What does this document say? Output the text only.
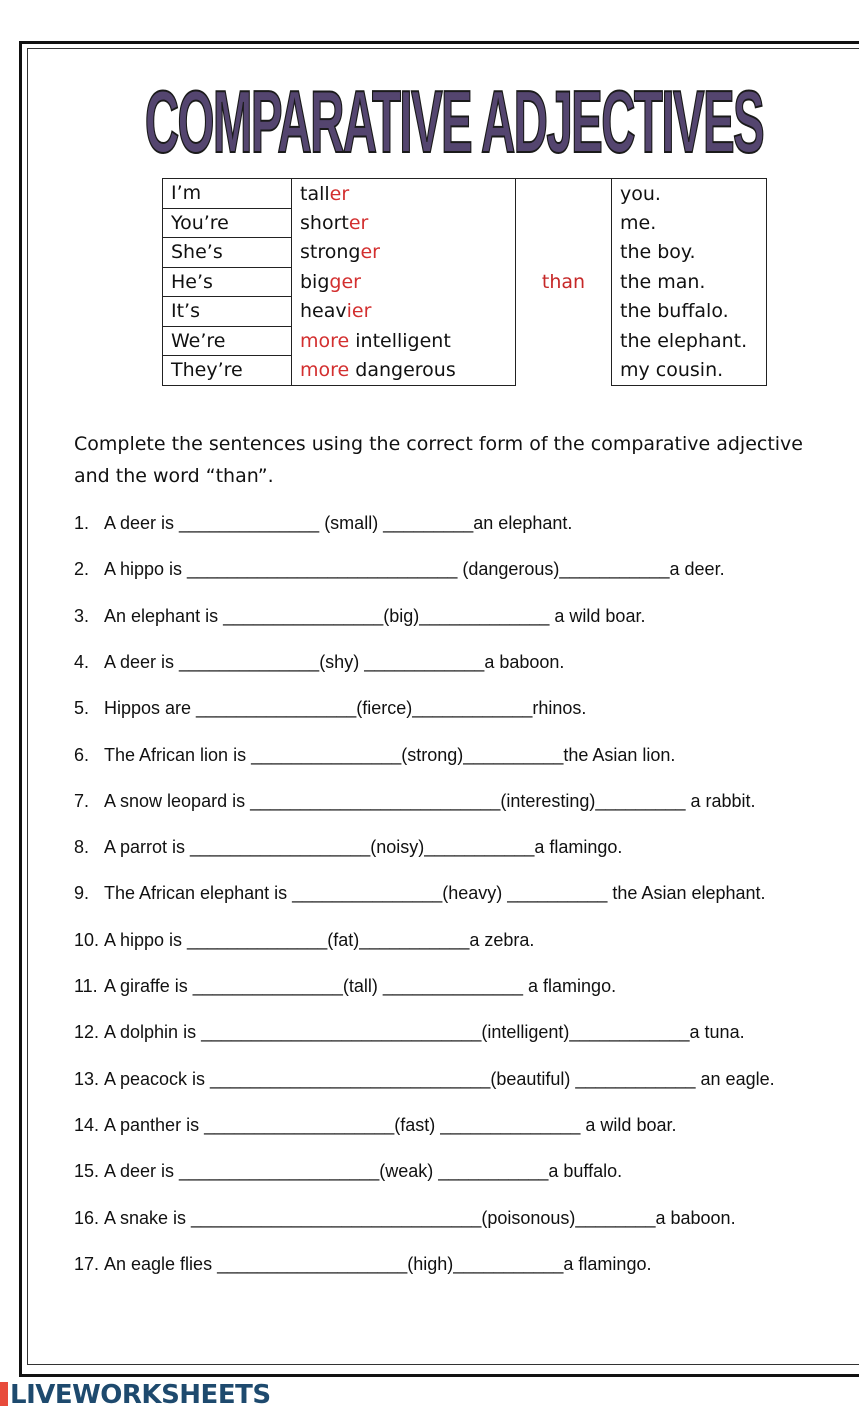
COMPARATIVE ADJECTIVES
I’m	taller	than	you.
You’re	shorter		me.
She’s	stronger		the boy.
He’s	bigger		the man.
It’s	heavier		the buffalo.
We’re	more intelligent		the elephant.
They’re	more dangerous		my cousin.
Complete the sentences using the correct form of the comparative adjective and the word “than”.
1. A deer is ______________ (small) _________an elephant.
2. A hippo is ___________________________ (dangerous)___________a deer.
3. An elephant is ________________(big)_____________ a wild boar.
4. A deer is ______________(shy) ____________a baboon.
5. Hippos are ________________(fierce)____________rhinos.
6. The African lion is _______________(strong)__________the Asian lion.
7. A snow leopard is _________________________(interesting)_________ a rabbit.
8. A parrot is __________________(noisy)___________a flamingo.
9. The African elephant is _______________(heavy) __________ the Asian elephant.
10. A hippo is ______________(fat)___________a zebra.
11. A giraffe is _______________(tall) ______________ a flamingo.
12. A dolphin is ____________________________(intelligent)____________a tuna.
13. A peacock is ____________________________(beautiful) ____________ an eagle.
14. A panther is ___________________(fast) ______________ a wild boar.
15. A deer is ____________________(weak) ___________a buffalo.
16. A snake is _____________________________(poisonous)________a baboon.
17. An eagle flies ___________________(high)___________a flamingo.
LIVEWORKSHEETS
